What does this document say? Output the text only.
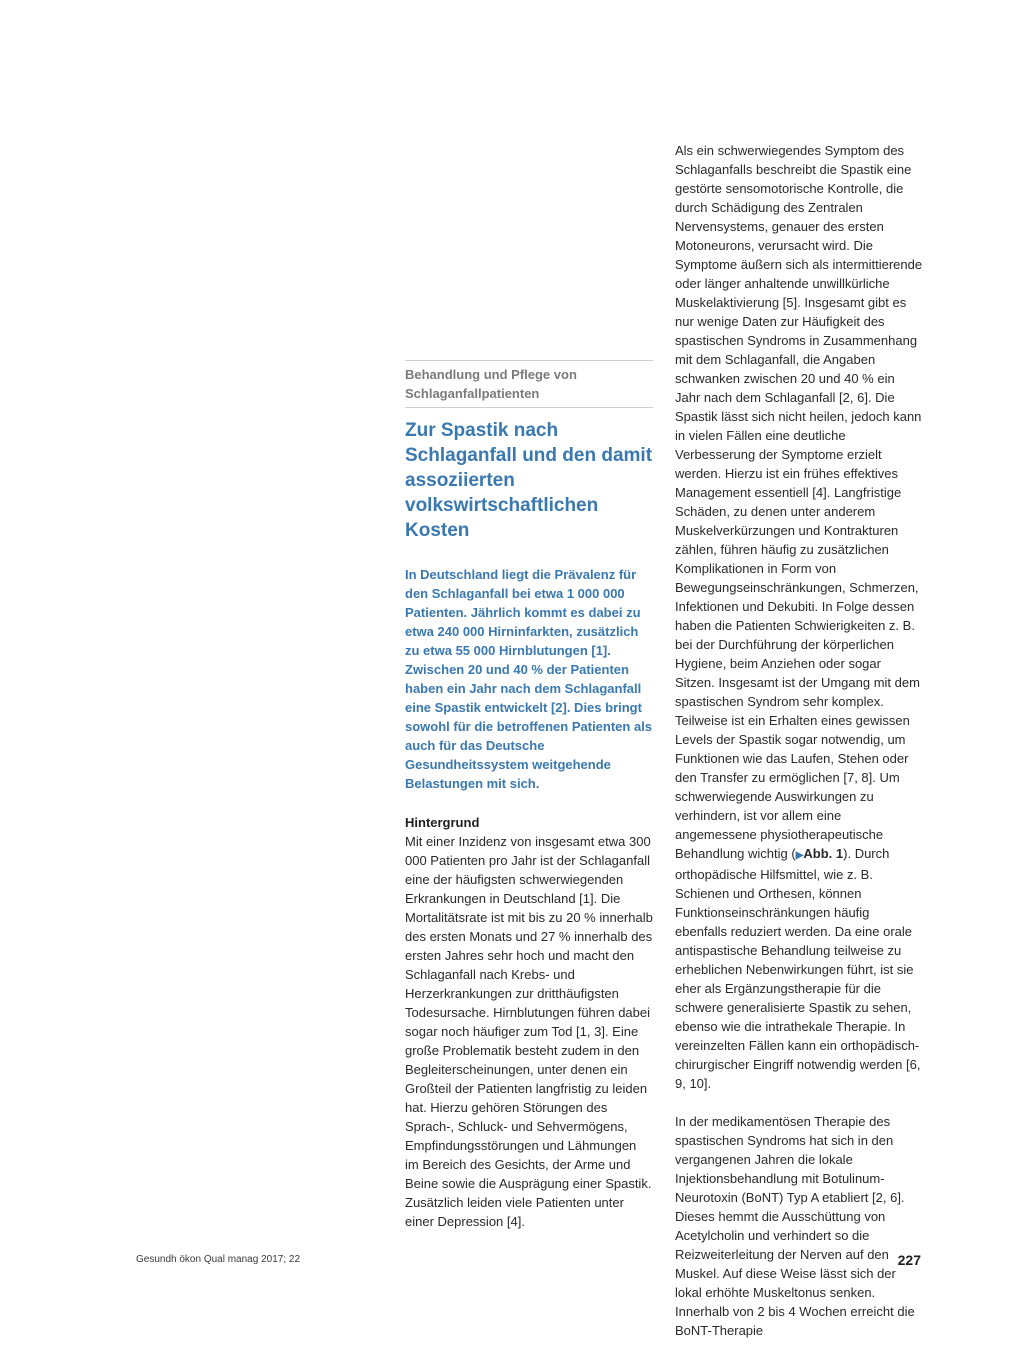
Behandlung und Pflege von Schlaganfallpatienten
Zur Spastik nach Schlaganfall und den damit assoziierten volkswirtschaftlichen Kosten

In Deutschland liegt die Prävalenz für den Schlaganfall bei etwa 1 000 000 Patienten. Jährlich kommt es dabei zu etwa 240 000 Hirninfarkten, zusätzlich zu etwa 55 000 Hirnblutungen [1]. Zwischen 20 und 40 % der Patienten haben ein Jahr nach dem Schlaganfall eine Spastik entwickelt [2]. Dies bringt sowohl für die betroffenen Patienten als auch für das Deutsche Gesundheitssystem weitgehende Belastungen mit sich.

Hintergrund

Mit einer Inzidenz von insgesamt etwa 300 000 Patienten pro Jahr ist der Schlaganfall eine der häufigsten schwerwiegenden Erkrankungen in Deutschland [1]. Die Mortalitätsrate ist mit bis zu 20 % innerhalb des ersten Monats und 27 % innerhalb des ersten Jahres sehr hoch und macht den Schlaganfall nach Krebs- und Herzerkrankungen zur dritthäufigsten Todesursache. Hirnblutungen führen dabei sogar noch häufiger zum Tod [1, 3]. Eine große Problematik besteht zudem in den Begleiterscheinungen, unter denen ein Großteil der Patienten langfristig zu leiden hat. Hierzu gehören Störungen des Sprach-, Schluck- und Sehvermögens, Empfindungsstörungen und Lähmungen im Bereich des Gesichts, der Arme und Beine sowie die Ausprägung einer Spastik. Zusätzlich leiden viele Patienten unter einer Depression [4].

Als ein schwerwiegendes Symptom des Schlaganfalls beschreibt die Spastik eine gestörte sensomotorische Kontrolle, die durch Schädigung des Zentralen Nervensystems, genauer des ersten Motoneurons, verursacht wird. Die Symptome äußern sich als intermittierende oder länger anhaltende unwillkürliche Muskelaktivierung [5]. Insgesamt gibt es nur wenige Daten zur Häufigkeit des spastischen Syndroms in Zusammenhang mit dem Schlaganfall, die Angaben schwanken zwischen 20 und 40 % ein Jahr nach dem Schlaganfall [2, 6]. Die Spastik lässt sich nicht heilen, jedoch kann in vielen Fällen eine deutliche Verbesserung der Symptome erzielt werden. Hierzu ist ein frühes effektives Management essentiell [4]. Langfristige Schäden, zu denen unter anderem Muskelverkürzungen und Kontrakturen zählen, führen häufig zu zusätzlichen Komplikationen in Form von Bewegungseinschränkungen, Schmerzen, Infektionen und Dekubiti. In Folge dessen haben die Patienten Schwierigkeiten z. B. bei der Durchführung der körperlichen Hygiene, beim Anziehen oder sogar Sitzen. Insgesamt ist der Umgang mit dem spastischen Syndrom sehr komplex. Teilweise ist ein Erhalten eines gewissen Levels der Spastik sogar notwendig, um Funktionen wie das Laufen, Stehen oder den Transfer zu ermöglichen [7, 8]. Um schwerwiegende Auswirkungen zu verhindern, ist vor allem eine angemessene physiotherapeutische Behandlung wichtig (▶Abb. 1). Durch orthopädische Hilfsmittel, wie z. B. Schienen und Orthesen, können Funktionseinschränkungen häufig ebenfalls reduziert werden. Da eine orale antispastische Behandlung teilweise zu erheblichen Nebenwirkungen führt, ist sie eher als Ergänzungstherapie für die schwere generalisierte Spastik zu sehen, ebenso wie die intrathekale Therapie. In vereinzelten Fällen kann ein orthopädisch-chirurgischer Eingriff notwendig werden [6, 9, 10].

In der medikamentösen Therapie des spastischen Syndroms hat sich in den vergangenen Jahren die lokale Injektionsbehandlung mit Botulinum-Neurotoxin (BoNT) Typ A etabliert [2, 6]. Dieses hemmt die Ausschüttung von Acetylcholin und verhindert so die Reizweiterleitung der Nerven auf den Muskel. Auf diese Weise lässt sich der lokal erhöhte Muskeltonus senken. Innerhalb von 2 bis 4 Wochen erreicht die BoNT-Therapie

Gesundh ökon Qual manag 2017; 22	227
